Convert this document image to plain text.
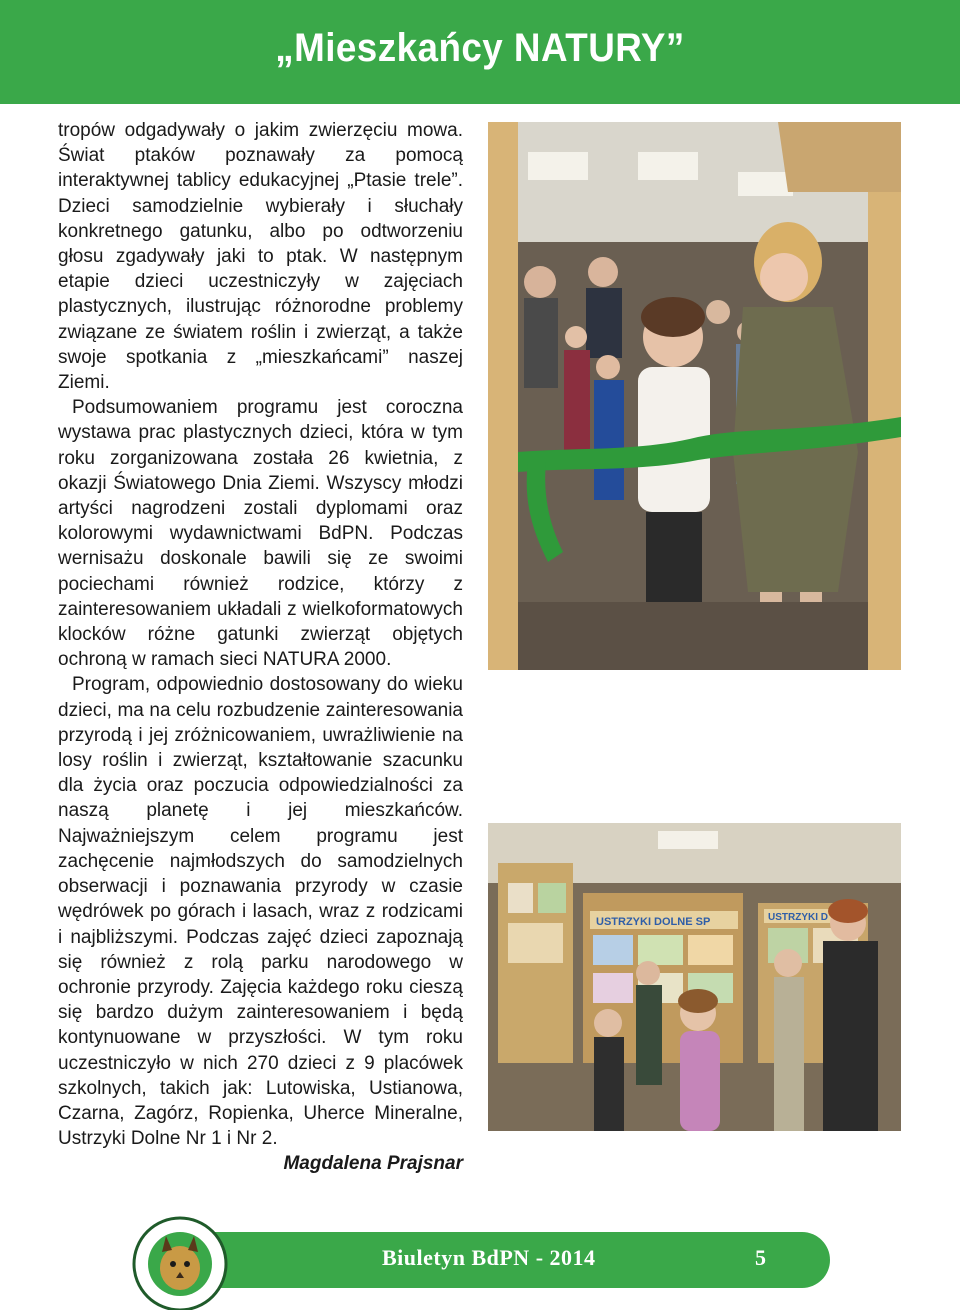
„Mieszkańcy NATURY”

tropów odgadywały o jakim zwierzęciu mowa. Świat ptaków poznawały za pomocą interaktywnej tablicy edukacyjnej „Ptasie trele”. Dzieci samodzielnie wybierały i słuchały konkretnego gatunku, albo po odtworzeniu głosu zgadywały jaki to ptak. W następnym etapie dzieci uczestniczyły w zajęciach plastycznych, ilustrując różnorodne problemy związane ze światem roślin i zwierząt, a także swoje spotkania z „mieszkańcami” naszej Ziemi.

Podsumowaniem programu jest coroczna wystawa prac plastycznych dzieci, która w tym roku zorganizowana została 26 kwietnia, z okazji Światowego Dnia Ziemi. Wszyscy młodzi artyści nagrodzeni zostali dyplomami oraz kolorowymi wydawnictwami BdPN. Podczas wernisażu doskonale bawili się ze swoimi pociechami również rodzice, którzy z zainteresowaniem układali z wielkoformatowych klocków różne gatunki zwierząt objętych ochroną w ramach sieci NATURA 2000.

Program, odpowiednio dostosowany do wieku dzieci, ma na celu rozbudzenie zainteresowania przyrodą i jej zróżnicowaniem, uwrażliwienie na losy roślin i zwierząt, kształtowanie szacunku dla życia oraz poczucia odpowiedzialności za naszą planetę i jej mieszkańców. Najważniejszym celem programu jest zachęcenie najmłodszych do samodzielnych obserwacji i poznawania przyrody w czasie wędrówek po górach i lasach, wraz z rodzicami i najbliższymi. Podczas zajęć dzieci zapoznają się również z rolą parku narodowego w ochronie przyrody. Zajęcia każdego roku cieszą się bardzo dużym zainteresowaniem i będą kontynuowane w przyszłości. W tym roku uczestniczyło w nich 270 dzieci z 9 placówek szkolnych, takich jak: Lutowiska, Ustianowa, Czarna, Zagórz, Ropienka, Uherce Mineralne, Ustrzyki Dolne Nr 1 i Nr 2.

Magdalena Prajsnar

USTRZYKI DOLNE SP	USTRZYKI D
Biuletyn BdPN - 2014	5
